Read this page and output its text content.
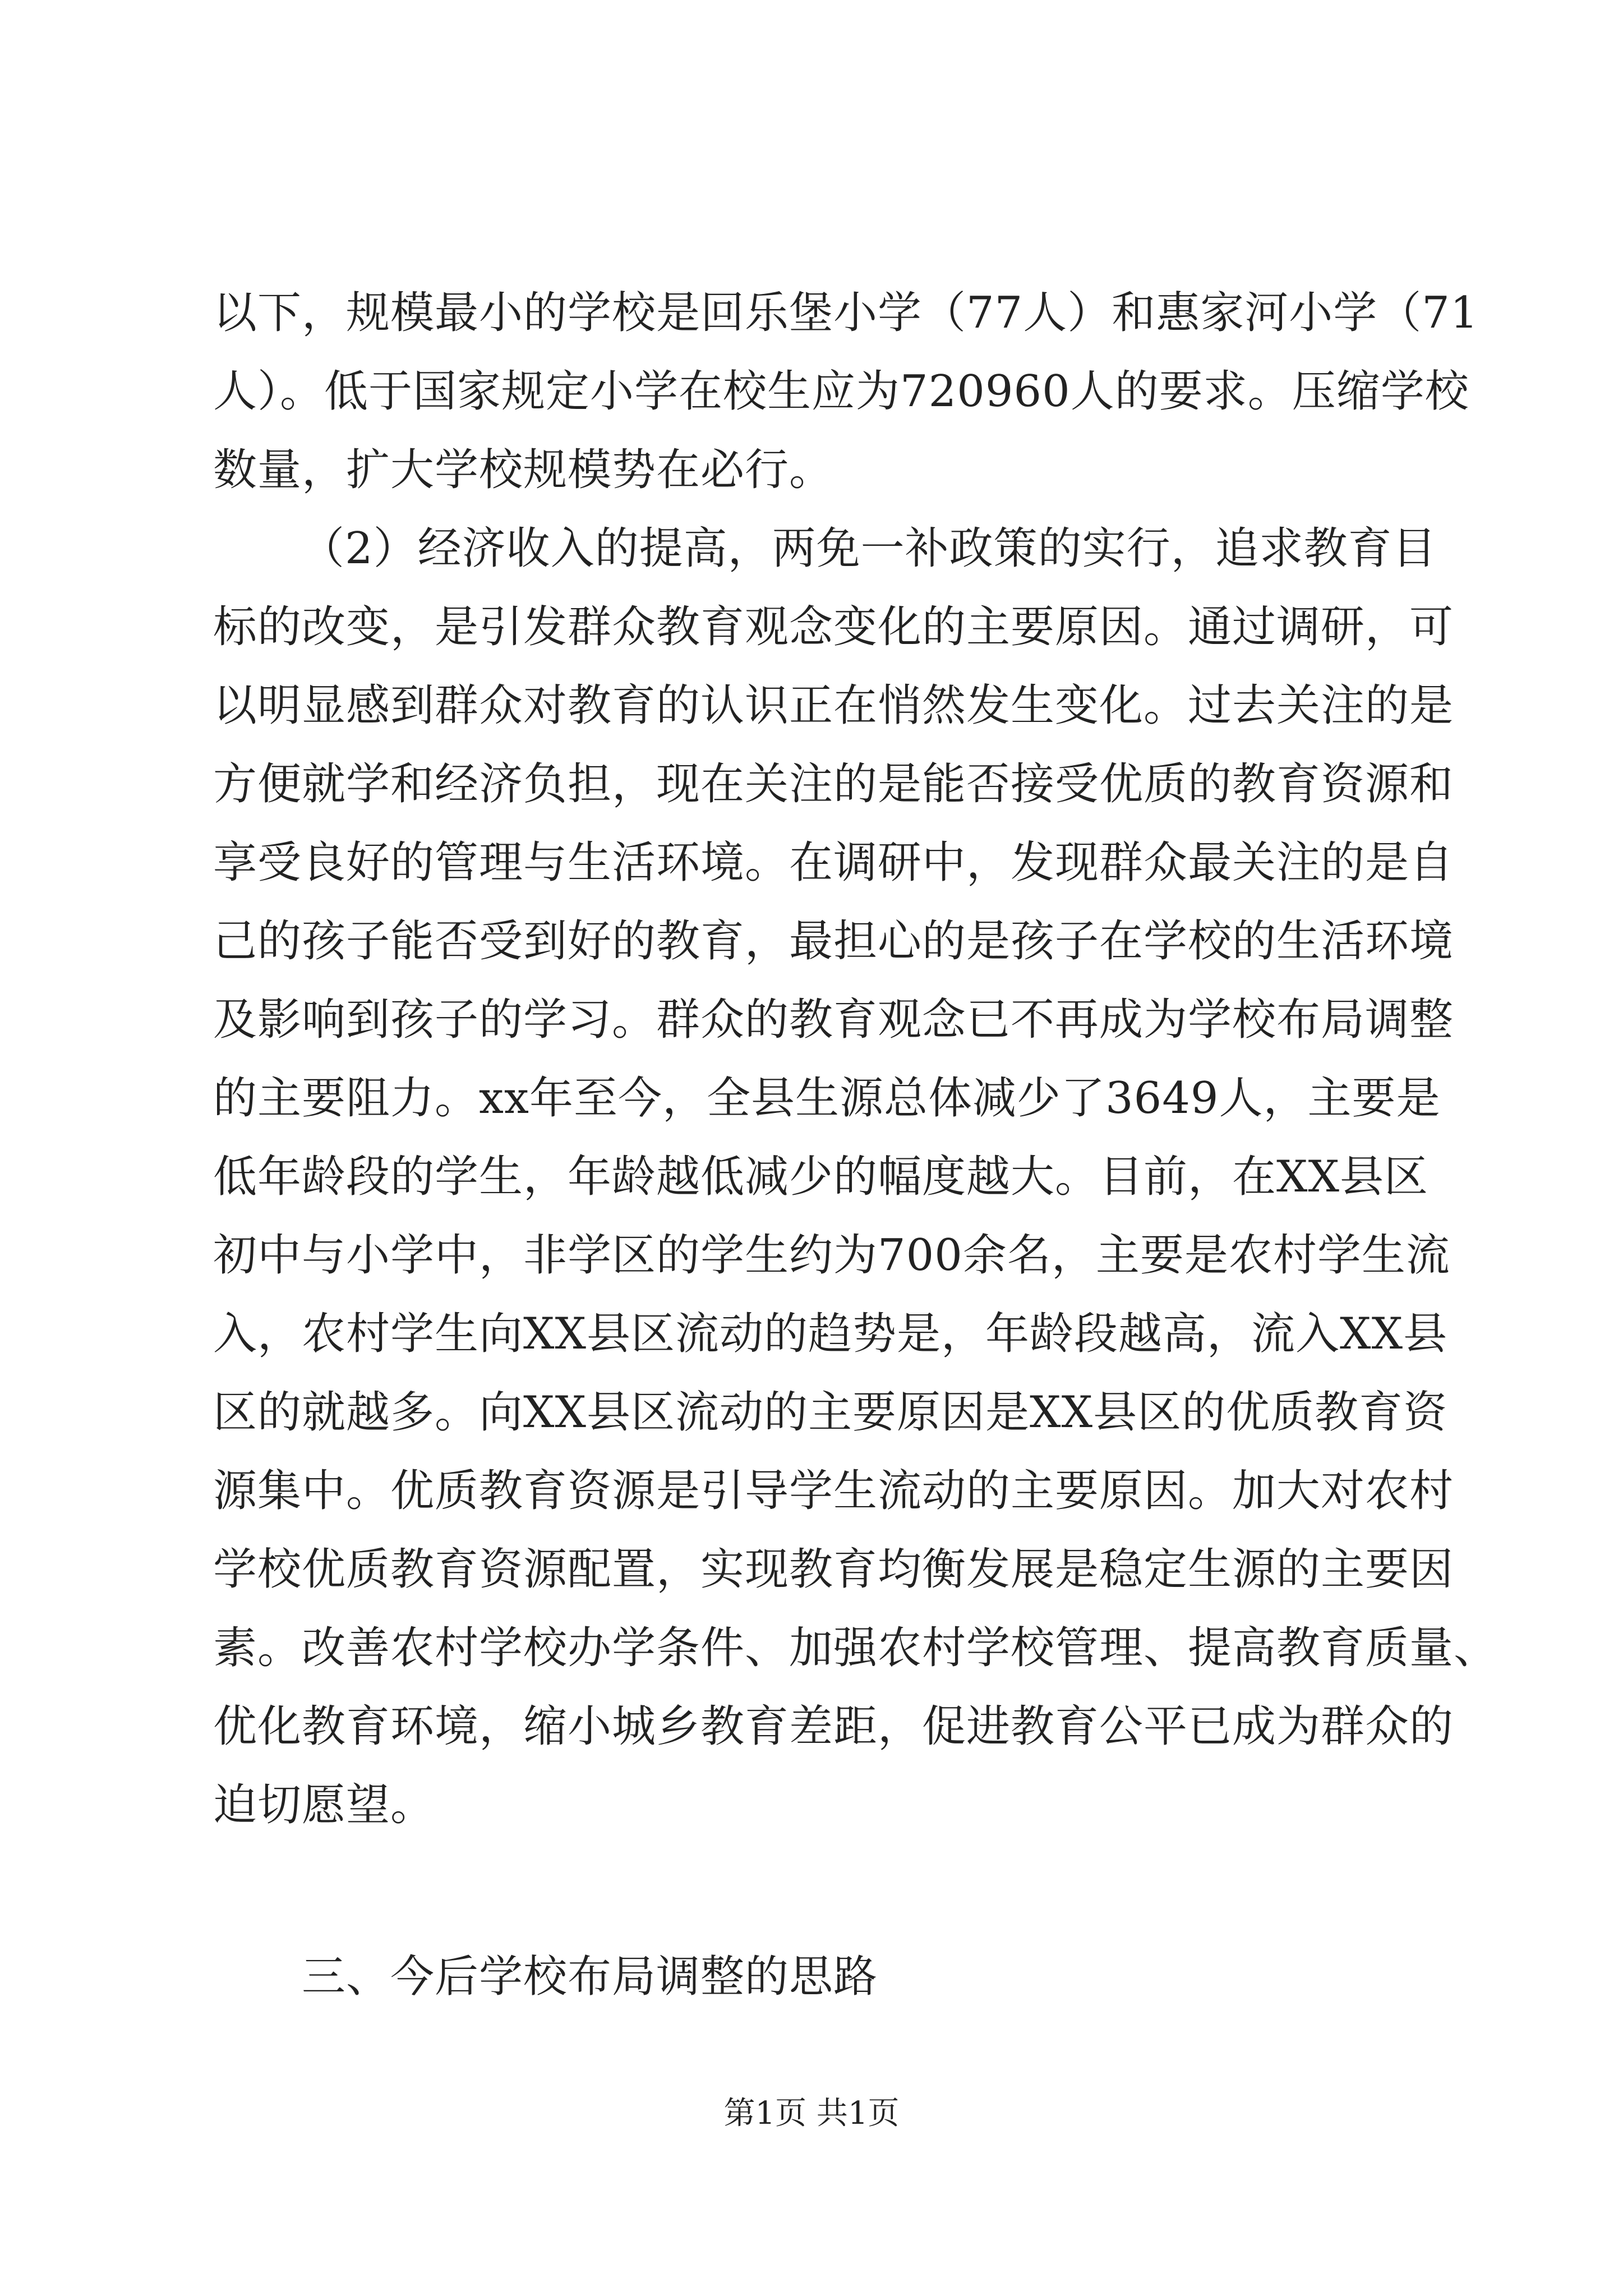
以下，规模最小的学校是回乐堡小学（77人）和惠家河小学（71
人）。低于国家规定小学在校生应为720960人的要求。压缩学校
数量，扩大学校规模势在必行。
（2）经济收入的提高，两免一补政策的实行，追求教育目
标的改变，是引发群众教育观念变化的主要原因。通过调研，可
以明显感到群众对教育的认识正在悄然发生变化。过去关注的是
方便就学和经济负担，现在关注的是能否接受优质的教育资源和
享受良好的管理与生活环境。在调研中，发现群众最关注的是自
己的孩子能否受到好的教育，最担心的是孩子在学校的生活环境
及影响到孩子的学习。群众的教育观念已不再成为学校布局调整
的主要阻力。xx年至今，全县生源总体减少了3649人，主要是
低年龄段的学生，年龄越低减少的幅度越大。目前，在XX县区
初中与小学中，非学区的学生约为700余名，主要是农村学生流
入，农村学生向XX县区流动的趋势是，年龄段越高，流入XX县
区的就越多。向XX县区流动的主要原因是XX县区的优质教育资
源集中。优质教育资源是引导学生流动的主要原因。加大对农村
学校优质教育资源配置，实现教育均衡发展是稳定生源的主要因
素。改善农村学校办学条件、加强农村学校管理、提高教育质量、
优化教育环境，缩小城乡教育差距，促进教育公平已成为群众的
迫切愿望。
三、今后学校布局调整的思路
第1页 共1页
